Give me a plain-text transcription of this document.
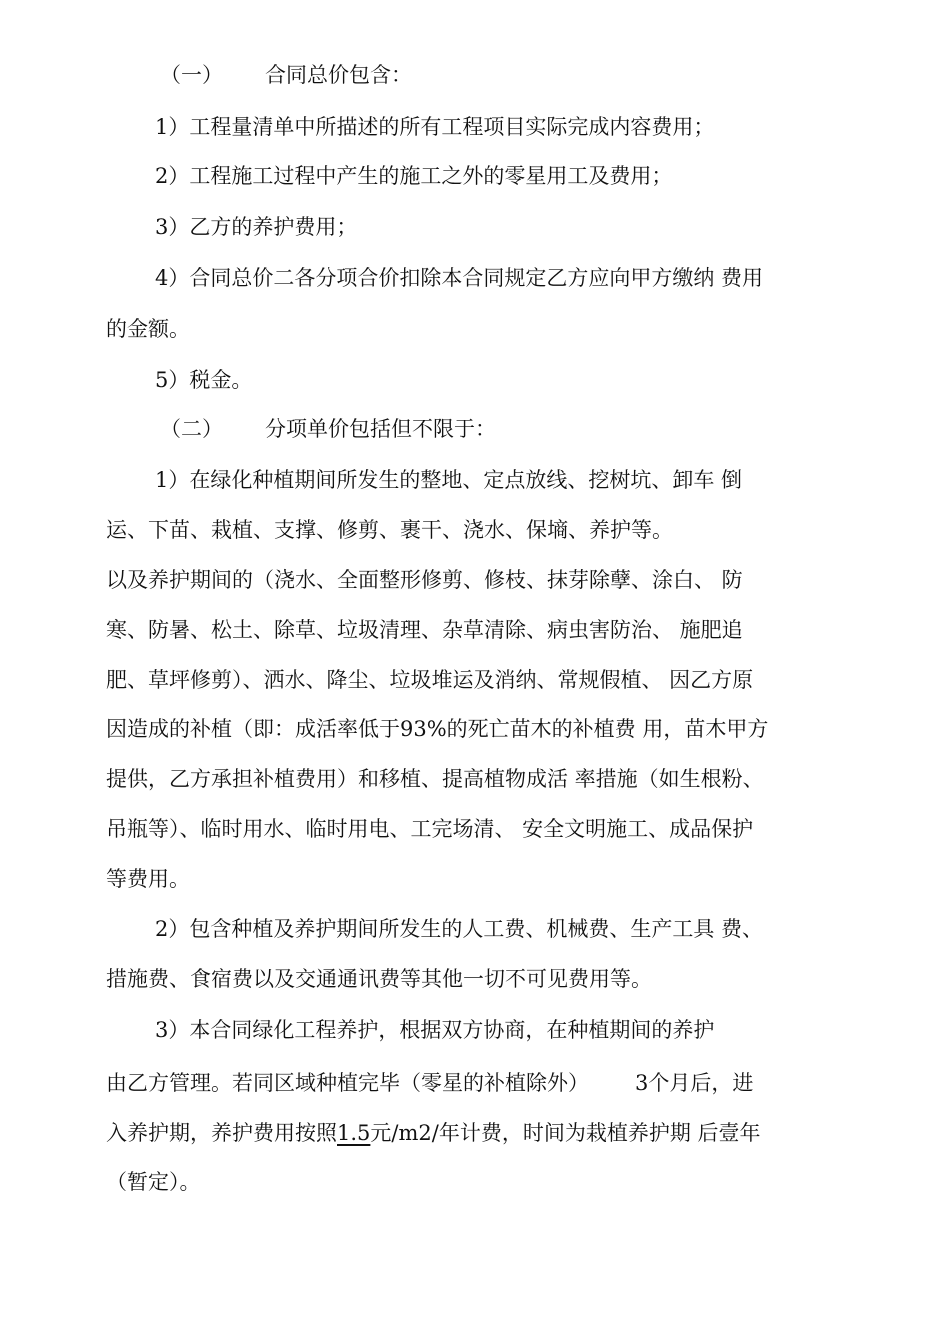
（一） 合同总价包含：
1）工程量清单中所描述的所有工程项目实际完成内容费用；
2）工程施工过程中产生的施工之外的零星用工及费用；
3）乙方的养护费用；
4）合同总价二各分项合价扣除本合同规定乙方应向甲方缴纳 费用
的金额。
5）税金。
（二） 分项单价包括但不限于：
1）在绿化种植期间所发生的整地、定点放线、挖树坑、卸车 倒
运、下苗、栽植、支撑、修剪、裹干、浇水、保墒、养护等。
以及养护期间的（浇水、全面整形修剪、修枝、抹芽除孽、涂白、 防
寒、防暑、松土、除草、垃圾清理、杂草清除、病虫害防治、 施肥追
肥、草坪修剪）、洒水、降尘、垃圾堆运及消纳、常规假植、 因乙方原
因造成的补植（即：成活率低于93%的死亡苗木的补植费 用，苗木甲方
提供，乙方承担补植费用）和移植、提高植物成活 率措施（如生根粉、
吊瓶等）、临时用水、临时用电、工完场清、 安全文明施工、成品保护
等费用。
2）包含种植及养护期间所发生的人工费、机械费、生产工具 费、
措施费、食宿费以及交通通讯费等其他一切不可见费用等。
3）本合同绿化工程养护，根据双方协商，在种植期间的养护
由乙方管理。若同区域种植完毕（零星的补植除外） 3个月后，进
入养护期，养护费用按照1.5元/m2/年计费，时间为栽植养护期 后壹年
（暂定）。
